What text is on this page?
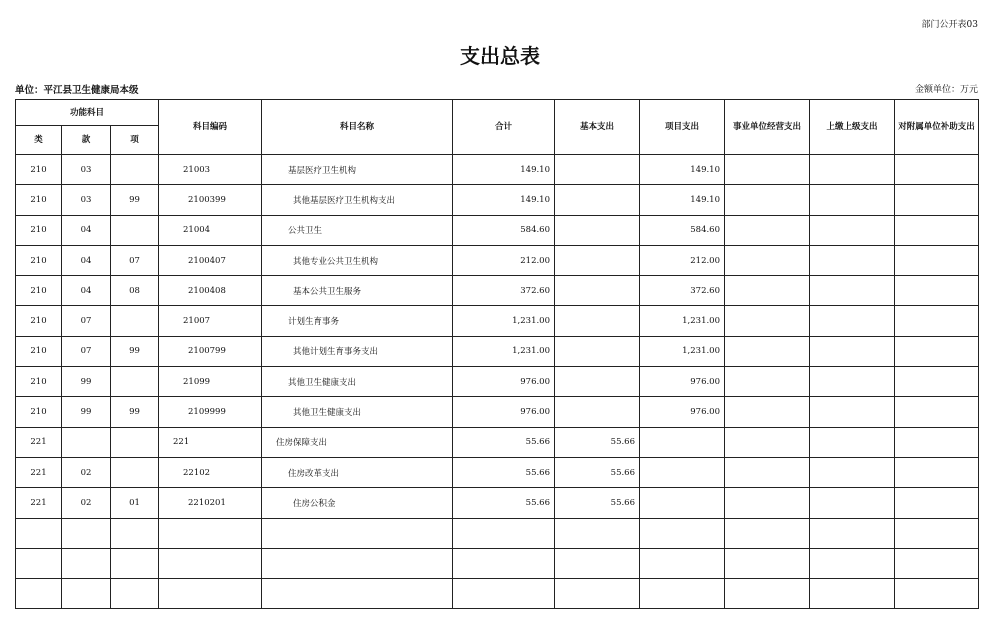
部门公开表03
支出总表
单位：平江县卫生健康局本级	金额单位：万元
功能科目			科目编码	科目名称	合计	基本支出	项目支出	事业单位经营支出	上缴上级支出	对附属单位补助支出
类	款	项								
210	03		21003	基层医疗卫生机构	149.10		149.10			
210	03	99	2100399	其他基层医疗卫生机构支出	149.10		149.10			
210	04		21004	公共卫生	584.60		584.60			
210	04	07	2100407	其他专业公共卫生机构	212.00		212.00			
210	04	08	2100408	基本公共卫生服务	372.60		372.60			
210	07		21007	计划生育事务	1,231.00		1,231.00			
210	07	99	2100799	其他计划生育事务支出	1,231.00		1,231.00			
210	99		21099	其他卫生健康支出	976.00		976.00			
210	99	99	2109999	其他卫生健康支出	976.00		976.00			
221			221	住房保障支出	55.66	55.66				
221	02		22102	住房改革支出	55.66	55.66				
221	02	01	2210201	住房公积金	55.66	55.66				
